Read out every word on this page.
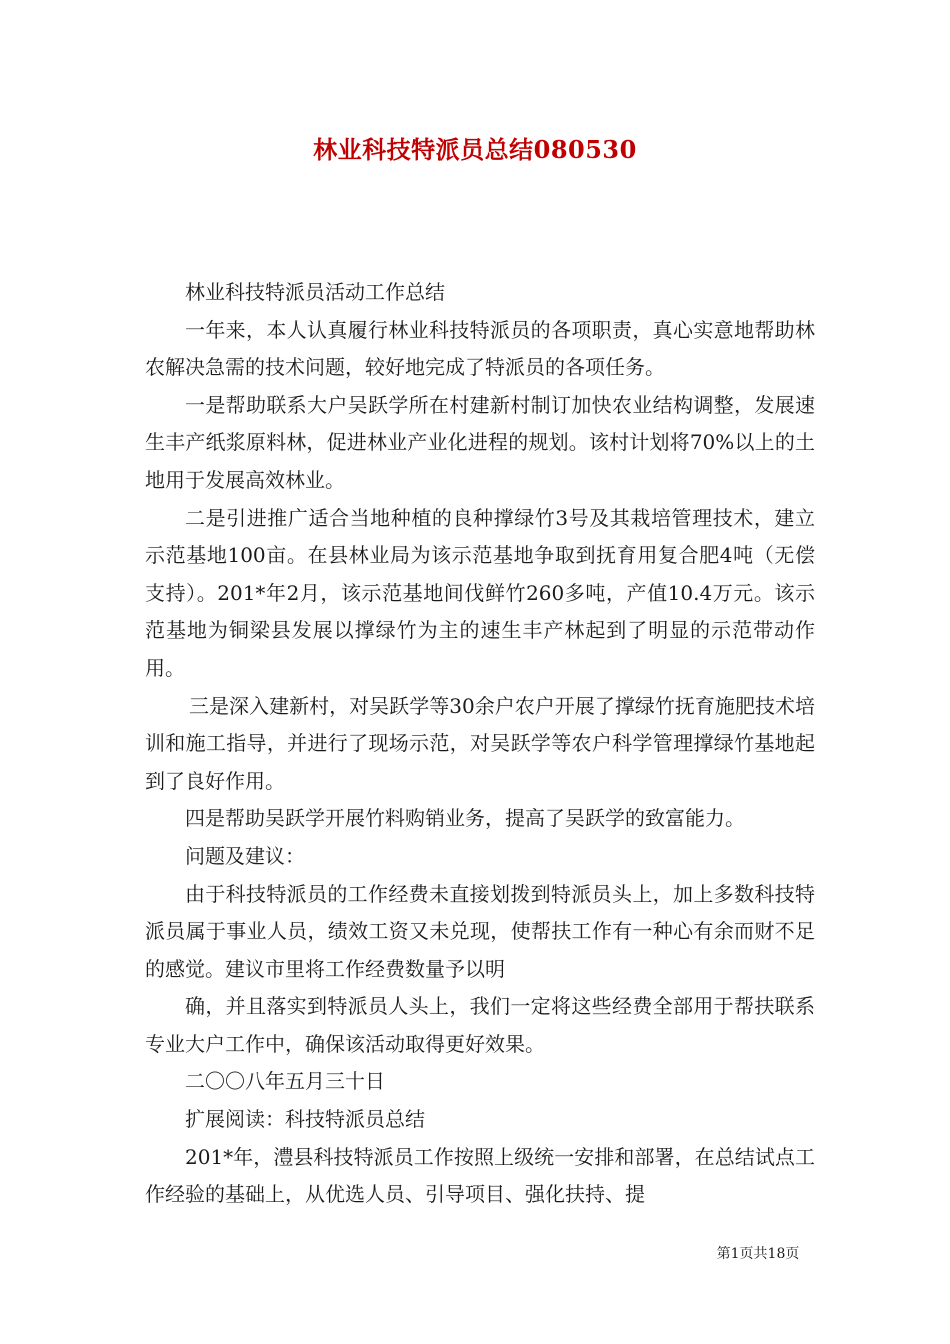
林业科技特派员总结080530

林业科技特派员活动工作总结

一年来，本人认真履行林业科技特派员的各项职责，真心实意地帮助林农解决急需的技术问题，较好地完成了特派员的各项任务。

一是帮助联系大户吴跃学所在村建新村制订加快农业结构调整，发展速生丰产纸浆原料林，促进林业产业化进程的规划。该村计划将70%以上的土地用于发展高效林业。

二是引进推广适合当地种植的良种撑绿竹3号及其栽培管理技术，建立示范基地100亩。在县林业局为该示范基地争取到抚育用复合肥4吨（无偿支持）。201*年2月，该示范基地间伐鲜竹260多吨，产值10.4万元。该示范基地为铜梁县发展以撑绿竹为主的速生丰产林起到了明显的示范带动作用。

三是深入建新村，对吴跃学等30余户农户开展了撑绿竹抚育施肥技术培训和施工指导，并进行了现场示范，对吴跃学等农户科学管理撑绿竹基地起到了良好作用。

四是帮助吴跃学开展竹料购销业务，提高了吴跃学的致富能力。

问题及建议：

由于科技特派员的工作经费未直接划拨到特派员头上，加上多数科技特派员属于事业人员，绩效工资又未兑现，使帮扶工作有一种心有余而财不足的感觉。建议市里将工作经费数量予以明

确，并且落实到特派员人头上，我们一定将这些经费全部用于帮扶联系专业大户工作中，确保该活动取得更好效果。

二〇〇八年五月三十日

扩展阅读：科技特派员总结

201*年，澧县科技特派员工作按照上级统一安排和部署，在总结试点工作经验的基础上，从优选人员、引导项目、强化扶持、提

第1页共18页
